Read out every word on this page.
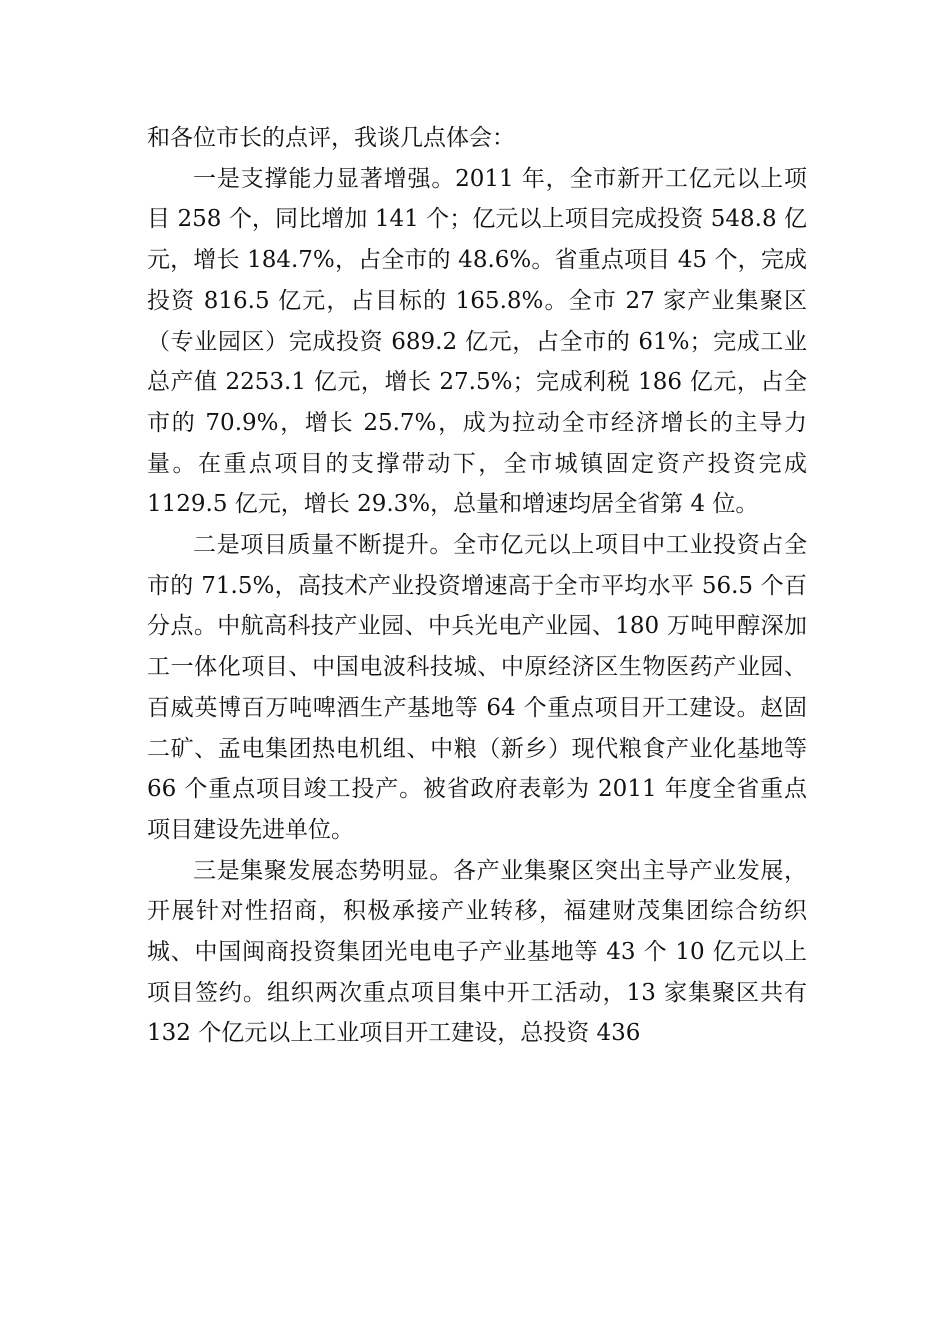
和各位市长的点评，我谈几点体会：

一是支撑能力显著增强。2011 年，全市新开工亿元以上项目 258 个，同比增加 141 个；亿元以上项目完成投资 548.8 亿元，增长 184.7%，占全市的 48.6%。省重点项目 45 个，完成投资 816.5 亿元，占目标的 165.8%。全市 27 家产业集聚区（专业园区）完成投资 689.2 亿元，占全市的 61%；完成工业总产值 2253.1 亿元，增长 27.5%；完成利税 186 亿元，占全市的 70.9%，增长 25.7%，成为拉动全市经济增长的主导力量。在重点项目的支撑带动下，全市城镇固定资产投资完成 1129.5 亿元，增长 29.3%，总量和增速均居全省第 4 位。

二是项目质量不断提升。全市亿元以上项目中工业投资占全市的 71.5%，高技术产业投资增速高于全市平均水平 56.5 个百分点。中航高科技产业园、中兵光电产业园、180 万吨甲醇深加工一体化项目、中国电波科技城、中原经济区生物医药产业园、百威英博百万吨啤酒生产基地等 64 个重点项目开工建设。赵固二矿、孟电集团热电机组、中粮（新乡）现代粮食产业化基地等 66 个重点项目竣工投产。被省政府表彰为 2011 年度全省重点项目建设先进单位。

三是集聚发展态势明显。各产业集聚区突出主导产业发展，开展针对性招商，积极承接产业转移，福建财茂集团综合纺织城、中国闽商投资集团光电电子产业基地等 43 个 10 亿元以上项目签约。组织两次重点项目集中开工活动，13 家集聚区共有 132 个亿元以上工业项目开工建设，总投资 436
